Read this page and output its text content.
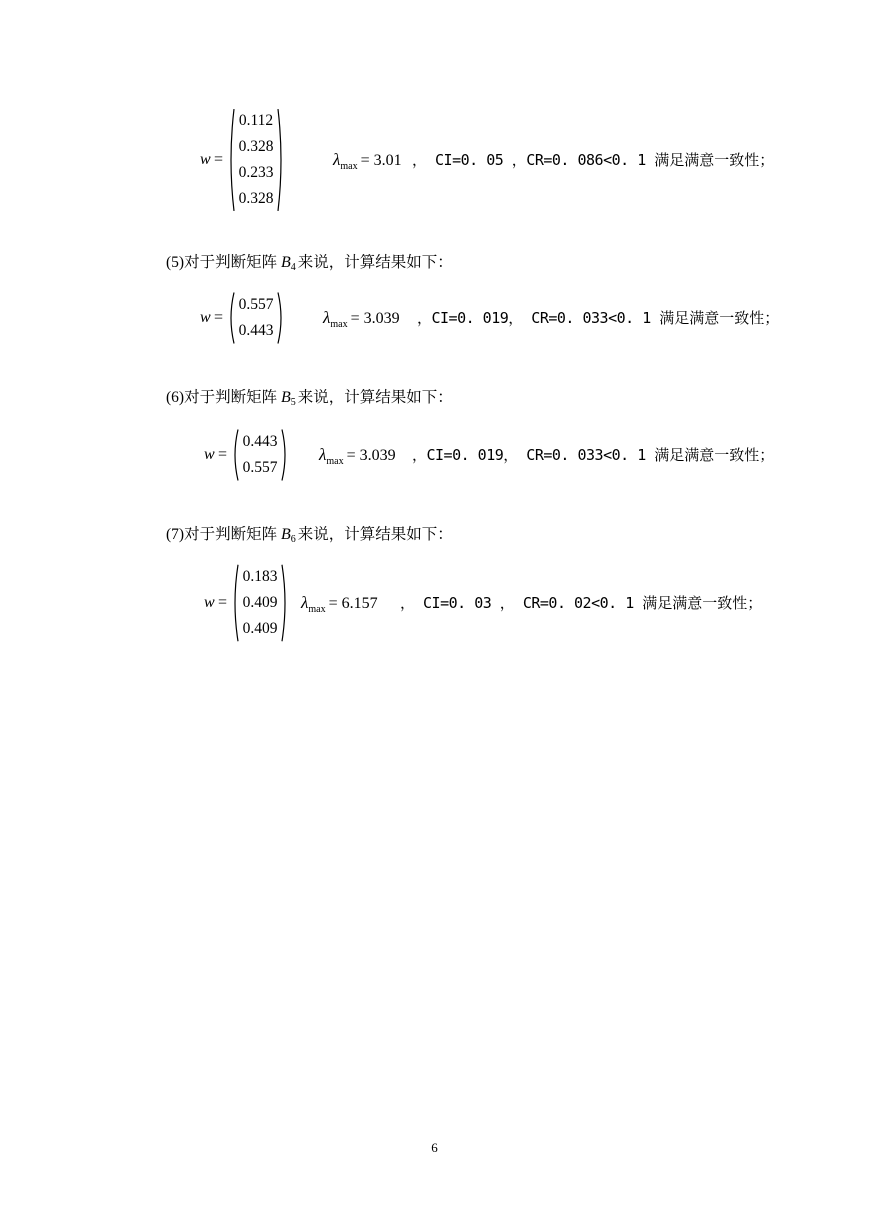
w =
0.112
0.328
0.233
0.328
$\lambda_{max} = 3.01$ ， CI=0. 05 ，CR=0. 086<0. 1 满足满意一致性；
(5)对于判断矩阵 $B_4$ 来说，计算结果如下：
w =
0.557
0.443
$\lambda_{max} = 3.039$ ，CI=0. 019， CR=0. 033<0. 1 满足满意一致性；
(6)对于判断矩阵 $B_5$ 来说，计算结果如下：
w =
0.443
0.557
$\lambda_{max} = 3.039$ ，CI=0. 019， CR=0. 033<0. 1 满足满意一致性；
(7)对于判断矩阵 $B_6$ 来说，计算结果如下：
w =
0.183
0.409
0.409
$\lambda_{max} = 6.157$ ， CI=0. 03 ， CR=0. 02<0. 1 满足满意一致性；
6
